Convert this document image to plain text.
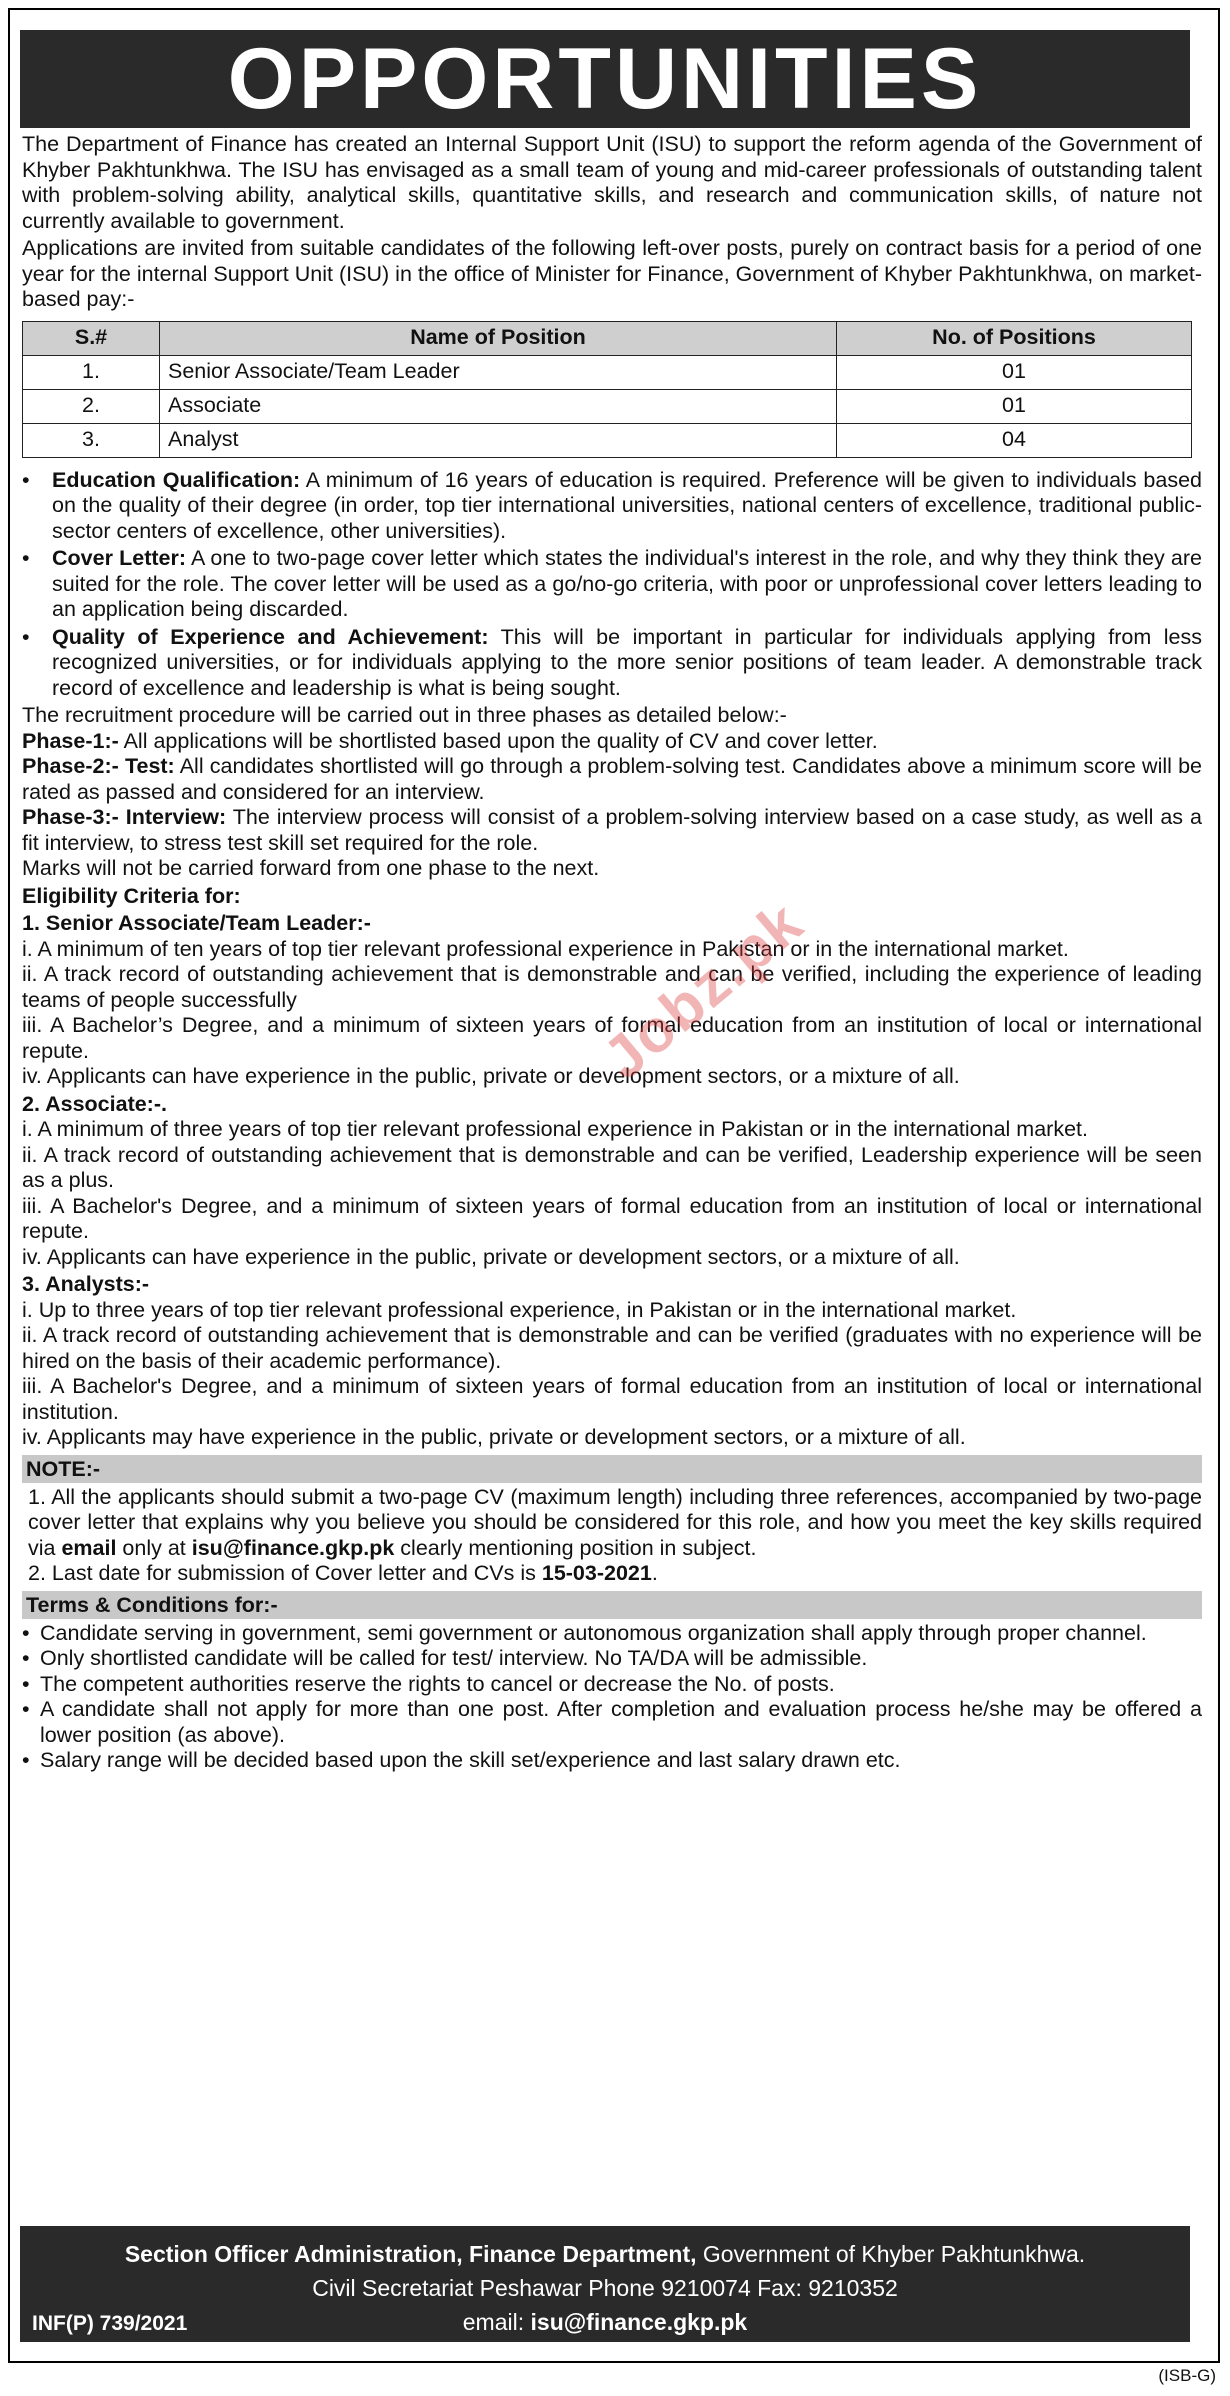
OPPORTUNITIES

The Department of Finance has created an Internal Support Unit (ISU) to support the reform agenda of the Government of Khyber Pakhtunkhwa. The ISU has envisaged as a small team of young and mid-career professionals of outstanding talent with problem-solving ability, analytical skills, quantitative skills, and research and communication skills, of nature not currently available to government.

Applications are invited from suitable candidates of the following left-over posts, purely on contract basis for a period of one year for the internal Support Unit (ISU) in the office of Minister for Finance, Government of Khyber Pakhtunkhwa, on market-based pay:-

S.#	Name of Position	No. of Positions
1.	Senior Associate/Team Leader	01
2.	Associate	01
3.	Analyst	04
•	Education Qualification: A minimum of 16 years of education is required. Preference will be given to individuals based on the quality of their degree (in order, top tier international universities, national centers of excellence, traditional public-sector centers of excellence, other universities).
•	Cover Letter: A one to two-page cover letter which states the individual's interest in the role, and why they think they are suited for the role. The cover letter will be used as a go/no-go criteria, with poor or unprofessional cover letters leading to an application being discarded.
•	Quality of Experience and Achievement: This will be important in particular for individuals applying from less recognized universities, or for individuals applying to the more senior positions of team leader. A demonstrable track record of excellence and leadership is what is being sought.

The recruitment procedure will be carried out in three phases as detailed below:-

Phase-1:- All applications will be shortlisted based upon the quality of CV and cover letter.

Phase-2:- Test: All candidates shortlisted will go through a problem-solving test. Candidates above a minimum score will be rated as passed and considered for an interview.

Phase-3:- Interview: The interview process will consist of a problem-solving interview based on a case study, as well as a fit interview, to stress test skill set required for the role.

Marks will not be carried forward from one phase to the next.

Eligibility Criteria for:

1. Senior Associate/Team Leader:-

i. A minimum of ten years of top tier relevant professional experience in Pakistan or in the international market.

ii. A track record of outstanding achievement that is demonstrable and can be verified, including the experience of leading teams of people successfully

iii. A Bachelor’s Degree, and a minimum of sixteen years of formal education from an institution of local or international repute.

iv. Applicants can have experience in the public, private or development sectors, or a mixture of all.

2. Associate:-.

i. A minimum of three years of top tier relevant professional experience in Pakistan or in the international market.

ii. A track record of outstanding achievement that is demonstrable and can be verified, Leadership experience will be seen as a plus.

iii. A Bachelor's Degree, and a minimum of sixteen years of formal education from an institution of local or international repute.

iv. Applicants can have experience in the public, private or development sectors, or a mixture of all.

3. Analysts:-

i. Up to three years of top tier relevant professional experience, in Pakistan or in the international market.

ii. A track record of outstanding achievement that is demonstrable and can be verified (graduates with no experience will be hired on the basis of their academic performance).

iii. A Bachelor's Degree, and a minimum of sixteen years of formal education from an institution of local or international institution.

iv. Applicants may have experience in the public, private or development sectors, or a mixture of all.

NOTE:-

1. All the applicants should submit a two-page CV (maximum length) including three references, accompanied by two-page cover letter that explains why you believe you should be considered for this role, and how you meet the key skills required via email only at isu@finance.gkp.pk clearly mentioning position in subject.

2. Last date for submission of Cover letter and CVs is 15-03-2021.

Terms & Conditions for:-
• Candidate serving in government, semi government or autonomous organization shall apply through proper channel.
• Only shortlisted candidate will be called for test/ interview. No TA/DA will be admissible.
• The competent authorities reserve the rights to cancel or decrease the No. of posts.
• A candidate shall not apply for more than one post. After completion and evaluation process he/she may be offered a lower position (as above).
• Salary range will be decided based upon the skill set/experience and last salary drawn etc.
Section Officer Administration, Finance Department, Government of Khyber Pakhtunkhwa.
Civil Secretariat Peshawar Phone 9210074 Fax: 9210352
email: isu@finance.gkp.pk
INF(P) 739/2021
(ISB-G)
Jobz.pk
